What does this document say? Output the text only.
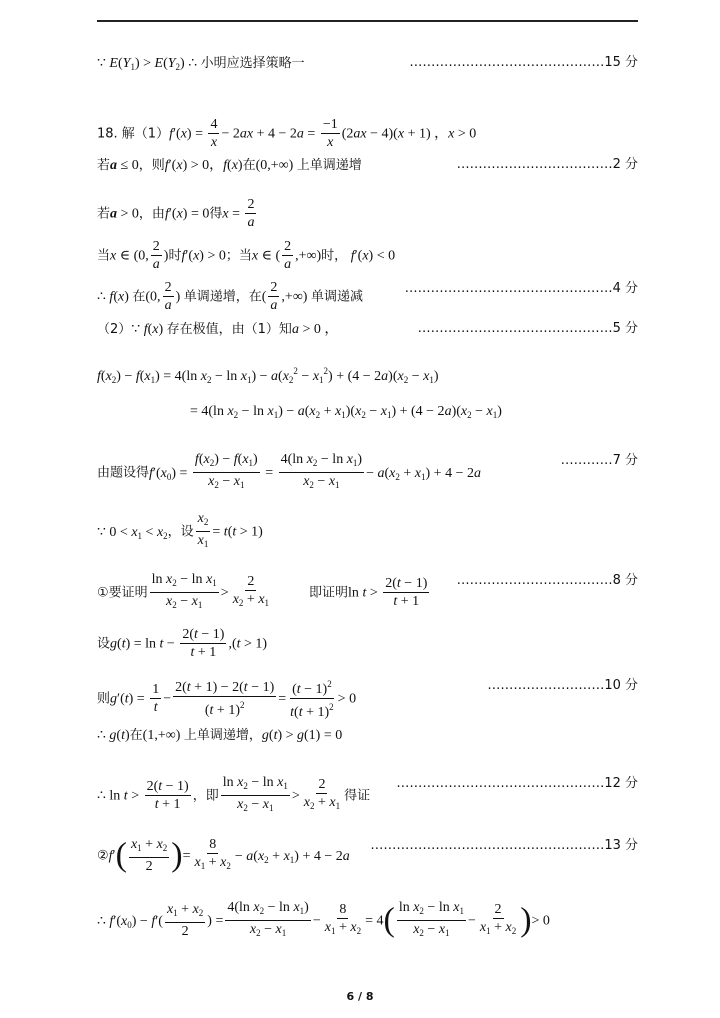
∵ $E(Y_1) > E(Y_2)$ ∴ 小明应选择策略一	………………………………………15 分
18. 解$(1)f'(x) = \frac{4}{x} - 2ax + 4 - 2a = \frac{-1}{x} (2ax - 4)(x + 1)$ ，x > 0
若a ≤ 0，则f′(x) > 0，f(x)在(0,+∞) 上单调递增	………………………………2 分
若a > 0，由f′(x) = 0得$x = \frac{2}{a}$
当x ∈ (0, $\frac{2}{a}$ )时f′(x) > 0；当x ∈ ( $\frac{2}{a}$ ,+∞)时， f′(x) < 0
∴ f(x) 在(0, $\frac{2}{a}$ ) 单调递增，在( $\frac{2}{a}$ ,+∞) 单调递减
…………………………………………4 分
（2）∵ f(x) 存在极值，由（1）知a > 0 ，	………………………………………5 分
$f(x_2) - f(x_1) = 4(\ln$ $x_2 - \ln x_1) - a(x_2^2 - x_1^2) + (4 - 2a)(x_2 - x_1)$
= 4(ln $x_2 - \ln x_1) - a(x_2 + x_1)(x_2 - x_1) + (4 - 2a)(x_2 - x_1)$
由题设得$f'(x_0) = \frac{f(x_2) - f(x_1)}{x_2 - x_1} = \frac{4(\ln x_2 - \ln x_1)}{x_2 - x_1} - a(x_2 + x_1) + 4 - 2a$
…………7 分
∵ $0 < x_1 < x_2$，设 $\frac{x_2}{x_1} = t(t > 1)$
①要证明 $\frac{\ln x_2 - \ln x_1}{x_2 - x_1} > \frac{2}{x_2 + x_1}$	即证明$\ln t > \frac{2(t - 1)}{t + 1}$ ………………………………8 分
设$g(t) = \ln t - \frac{2(t - 1)}{t + 1} ,(t > 1)$
则$g'(t) = \frac{1}{t} - \frac{2(t + 1) - 2(t - 1)}{(t + 1)^2} = \frac{(t - 1)^2}{t(t + 1)^2} > 0$
………………………10 分
∴ g(t)在(1,+∞) 上单调递增，g(t) > g(1) = 0
∴ $\ln t > \frac{2(t - 1)}{t + 1}$ ，即 $\frac{\ln x_2 - \ln x_1}{x_2 - x_1} > \frac{2}{x_2 + x_1}$ 得证
…………………………………………12 分
②f′( $\frac{x_1 + x_2}{2}$ )= $\frac{8}{x_1 + x_2} - a(x_2 + x_1) + 4 - 2a$
………………………………………………13 分
∴ $f'(x_0) - f'( \frac{x_1 + x_2}{2}$ ) = $\frac{4(\ln x_2 - \ln x_1)}{x_2 - x_1} - \frac{8}{x_1 + x_2} = 4( \frac{\ln x_2 - \ln x_1}{x_2 - x_1} - \frac{2}{x_1 + x_2}$ )> 0
6 / 8
